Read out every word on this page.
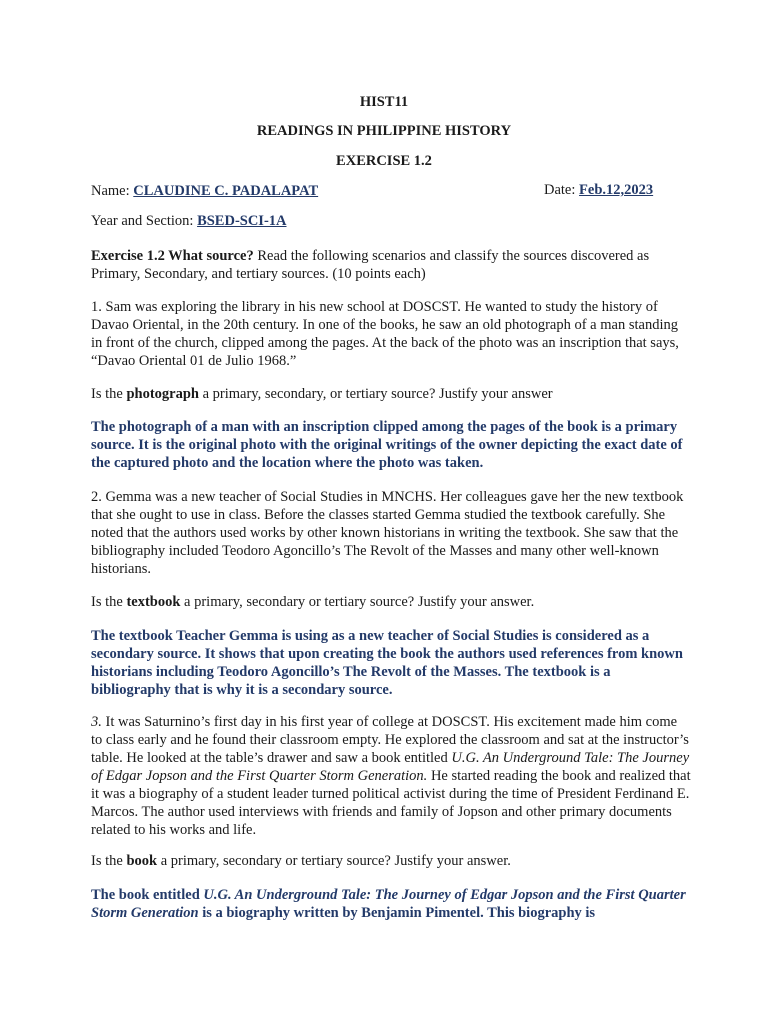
HIST11
READINGS IN PHILIPPINE HISTORY
EXERCISE 1.2
Name: CLAUDINE C. PADALAPAT	Date: Feb.12,2023
Year and Section: BSED-SCI-1A
Exercise 1.2 What source? Read the following scenarios and classify the sources discovered as Primary, Secondary, and tertiary sources. (10 points each)
1. Sam was exploring the library in his new school at DOSCST. He wanted to study the history of Davao Oriental, in the 20th century. In one of the books, he saw an old photograph of a man standing in front of the church, clipped among the pages. At the back of the photo was an inscription that says, “Davao Oriental 01 de Julio 1968.”
Is the photograph a primary, secondary, or tertiary source? Justify your answer
The photograph of a man with an inscription clipped among the pages of the book is a primary source. It is the original photo with the original writings of the owner depicting the exact date of the captured photo and the location where the photo was taken.
2. Gemma was a new teacher of Social Studies in MNCHS. Her colleagues gave her the new textbook that she ought to use in class. Before the classes started Gemma studied the textbook carefully. She noted that the authors used works by other known historians in writing the textbook. She saw that the bibliography included Teodoro Agoncillo’s The Revolt of the Masses and many other well-known historians.
Is the textbook a primary, secondary or tertiary source? Justify your answer.
The textbook Teacher Gemma is using as a new teacher of Social Studies is considered as a secondary source. It shows that upon creating the book the authors used references from known historians including Teodoro Agoncillo’s The Revolt of the Masses. The textbook is a bibliography that is why it is a secondary source.
3. It was Saturnino’s first day in his first year of college at DOSCST. His excitement made him come to class early and he found their classroom empty. He explored the classroom and sat at the instructor’s table. He looked at the table’s drawer and saw a book entitled U.G. An Underground Tale: The Journey of Edgar Jopson and the First Quarter Storm Generation. He started reading the book and realized that it was a biography of a student leader turned political activist during the time of President Ferdinand E. Marcos. The author used interviews with friends and family of Jopson and other primary documents related to his works and life.
Is the book a primary, secondary or tertiary source? Justify your answer.
The book entitled U.G. An Underground Tale: The Journey of Edgar Jopson and the First Quarter Storm Generation is a biography written by Benjamin Pimentel. This biography is
